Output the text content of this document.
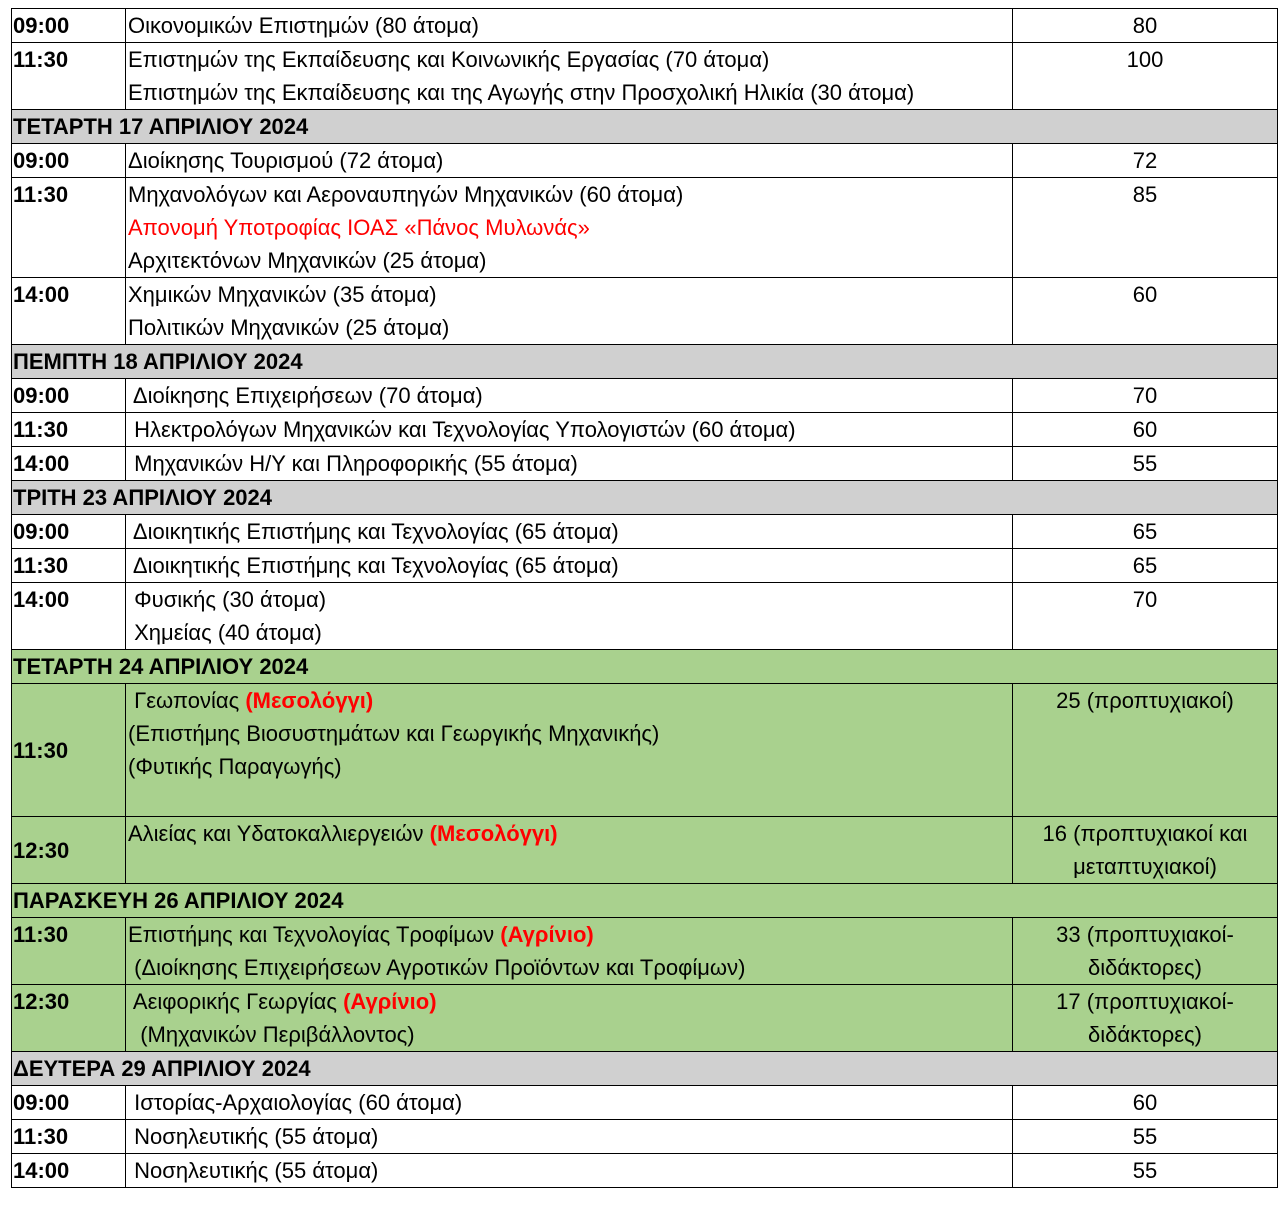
09:00	Οικονομικών Επιστημών (80 άτομα)	80

11:30	Επιστημών της Εκπαίδευσης και Κοινωνικής Εργασίας (70 άτομα)
Επιστημών της Εκπαίδευσης και της Αγωγής στην Προσχολική Ηλικία (30 άτομα)	100

ΤΕΤΑΡΤΗ 17 ΑΠΡΙΛΙΟΥ 2024		
09:00	Διοίκησης Τουρισμού (72 άτομα)	72

11:30	Μηχανολόγων και Αεροναυπηγών Μηχανικών (60 άτομα)
Απονομή Υποτροφίας ΙΟΑΣ «Πάνος Μυλωνάς»
Αρχιτεκτόνων Μηχανικών (25 άτομα)	85

14:00	Χημικών Μηχανικών (35 άτομα)
Πολιτικών Μηχανικών (25 άτομα)	60

ΠΕΜΠΤΗ 18 ΑΠΡΙΛΙΟΥ 2024		
09:00	Διοίκησης Επιχειρήσεων (70 άτομα)	70

11:30	Ηλεκτρολόγων Μηχανικών και Τεχνολογίας Υπολογιστών (60 άτομα)	60

14:00	Μηχανικών Η/Υ και Πληροφορικής (55 άτομα)	55

ΤΡΙΤΗ 23 ΑΠΡΙΛΙΟΥ 2024		
09:00	Διοικητικής Επιστήμης και Τεχνολογίας (65 άτομα)	65

11:30	Διοικητικής Επιστήμης και Τεχνολογίας (65 άτομα)	65

14:00	Φυσικής (30 άτομα)
Χημείας (40 άτομα)	70

ΤΕΤΑΡΤΗ 24 ΑΠΡΙΛΙΟΥ 2024		
11:30	Γεωπονίας (Μεσολόγγι)
(Επιστήμης Βιοσυστημάτων και Γεωργικής Μηχανικής)
(Φυτικής Παραγωγής)	25 (προπτυχιακοί)

12:30	Αλιείας και Υδατοκαλλιεργειών (Μεσολόγγι)	16 (προπτυχιακοί και
μεταπτυχιακοί)

ΠΑΡΑΣΚΕΥΗ 26 ΑΠΡΙΛΙΟΥ 2024		
11:30	Επιστήμης και Τεχνολογίας Τροφίμων (Αγρίνιο)
(Διοίκησης Επιχειρήσεων Αγροτικών Προϊόντων και Τροφίμων)	33 (προπτυχιακοί-
διδάκτορες)

12:30	Αειφορικής Γεωργίας (Αγρίνιο)
(Μηχανικών Περιβάλλοντος)	17 (προπτυχιακοί-
διδάκτορες)

ΔΕΥΤΕΡΑ 29 ΑΠΡΙΛΙΟΥ 2024		
09:00	Ιστορίας-Αρχαιολογίας (60 άτομα)	60

11:30	Νοσηλευτικής (55 άτομα)	55

14:00	Νοσηλευτικής (55 άτομα)	55
